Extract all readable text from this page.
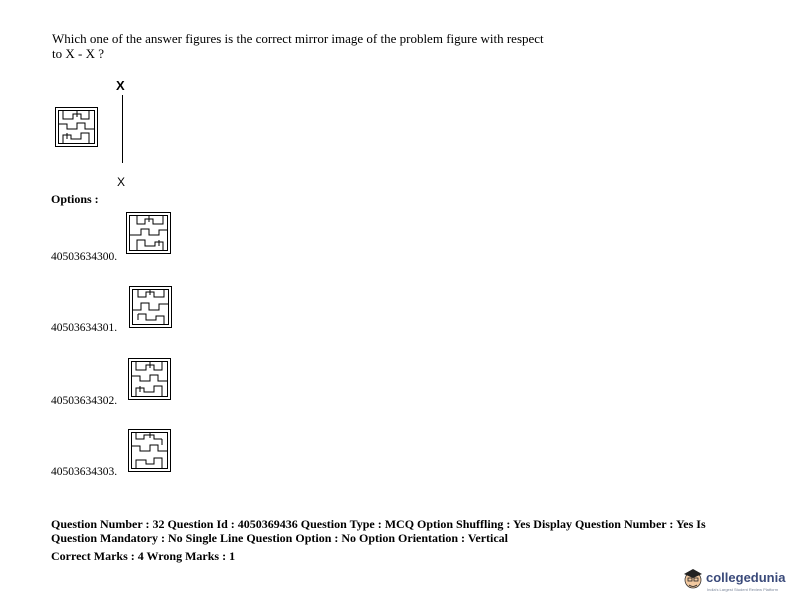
Which one of the answer figures is the correct mirror image of the problem figure with respect
to X - X ?
X
X
Options :
40503634300.
40503634301.
40503634302.
40503634303.
Question Number : 32 Question Id : 4050369436 Question Type : MCQ Option Shuffling : Yes Display Question Number : Yes Is
Question Mandatory : No Single Line Question Option : No Option Orientation : Vertical
Correct Marks : 4 Wrong Marks : 1
collegedunia
India's Largest Student Review Platform
